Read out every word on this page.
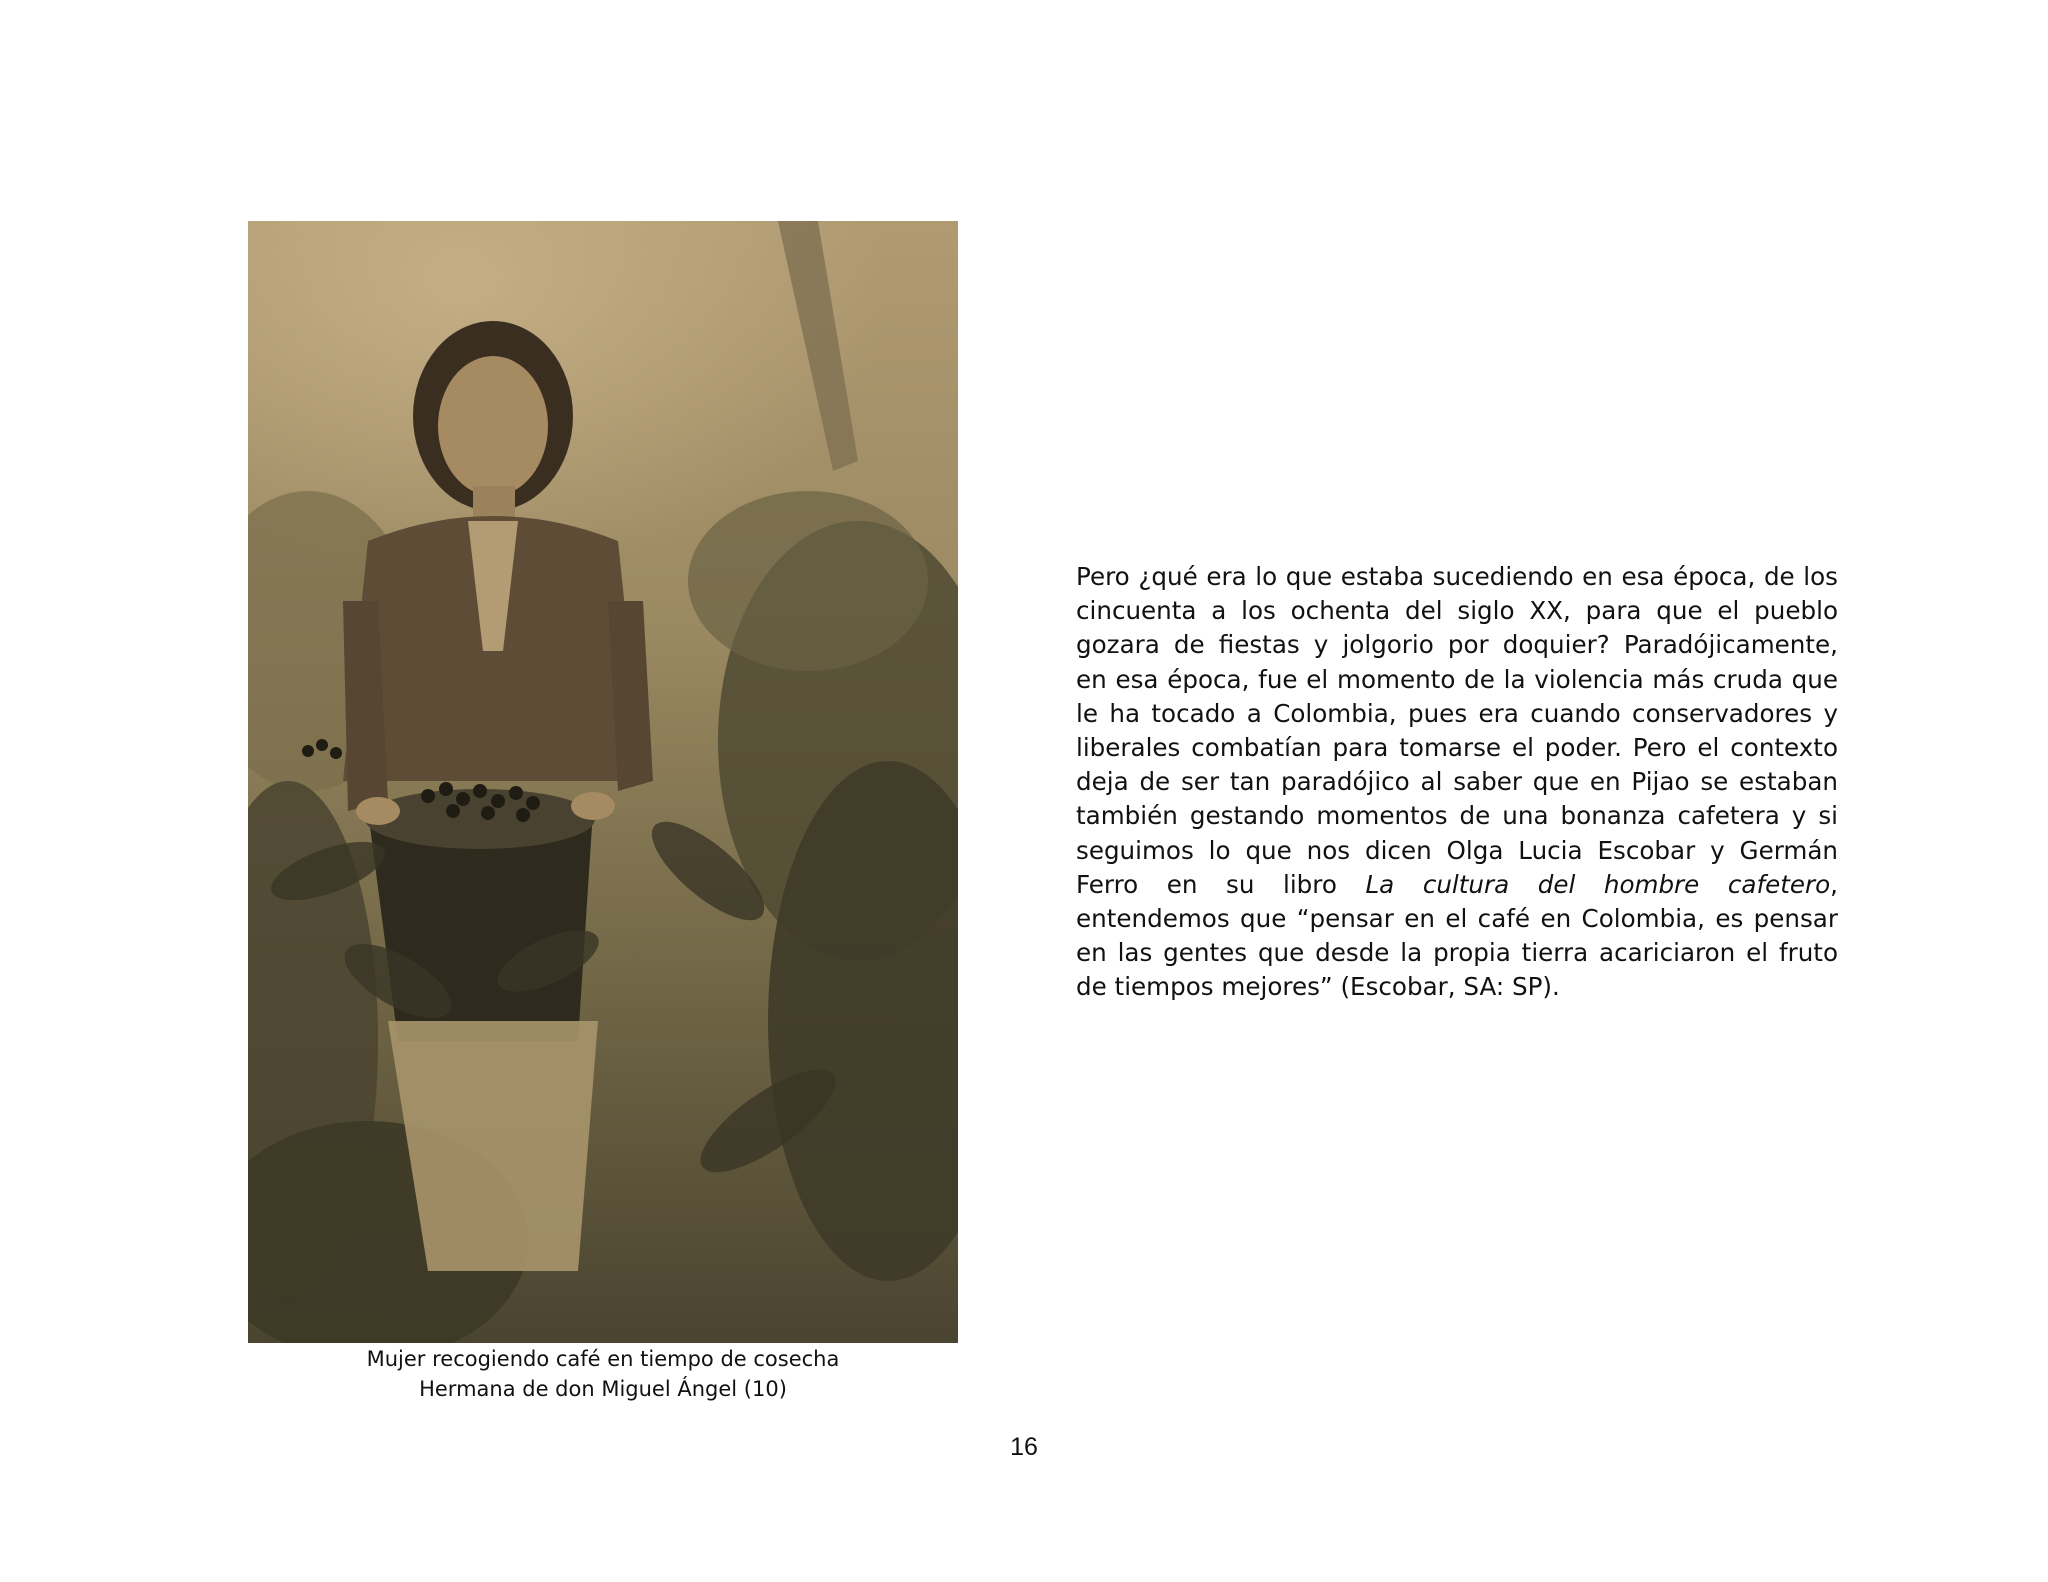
Mujer recogiendo café en tiempo de cosecha
Hermana de don Miguel Ángel (10)
Pero ¿qué era lo que estaba sucediendo en esa época, de los
cincuenta a los ochenta del siglo XX, para que el pueblo
gozara de fiestas y jolgorio por doquier? Paradójicamente,
en esa época, fue el momento de la violencia más cruda que
le ha tocado a Colombia, pues era cuando conservadores y
liberales combatían para tomarse el poder. Pero el contexto
deja de ser tan paradójico al saber que en Pijao se estaban
también gestando momentos de una bonanza cafetera y si
seguimos lo que nos dicen Olga Lucia Escobar y Germán
Ferro en su libro La cultura del hombre cafetero,
entendemos que “pensar en el café en Colombia, es pensar
en las gentes que desde la propia tierra acariciaron el fruto
de tiempos mejores” (Escobar, SA: SP).
16
